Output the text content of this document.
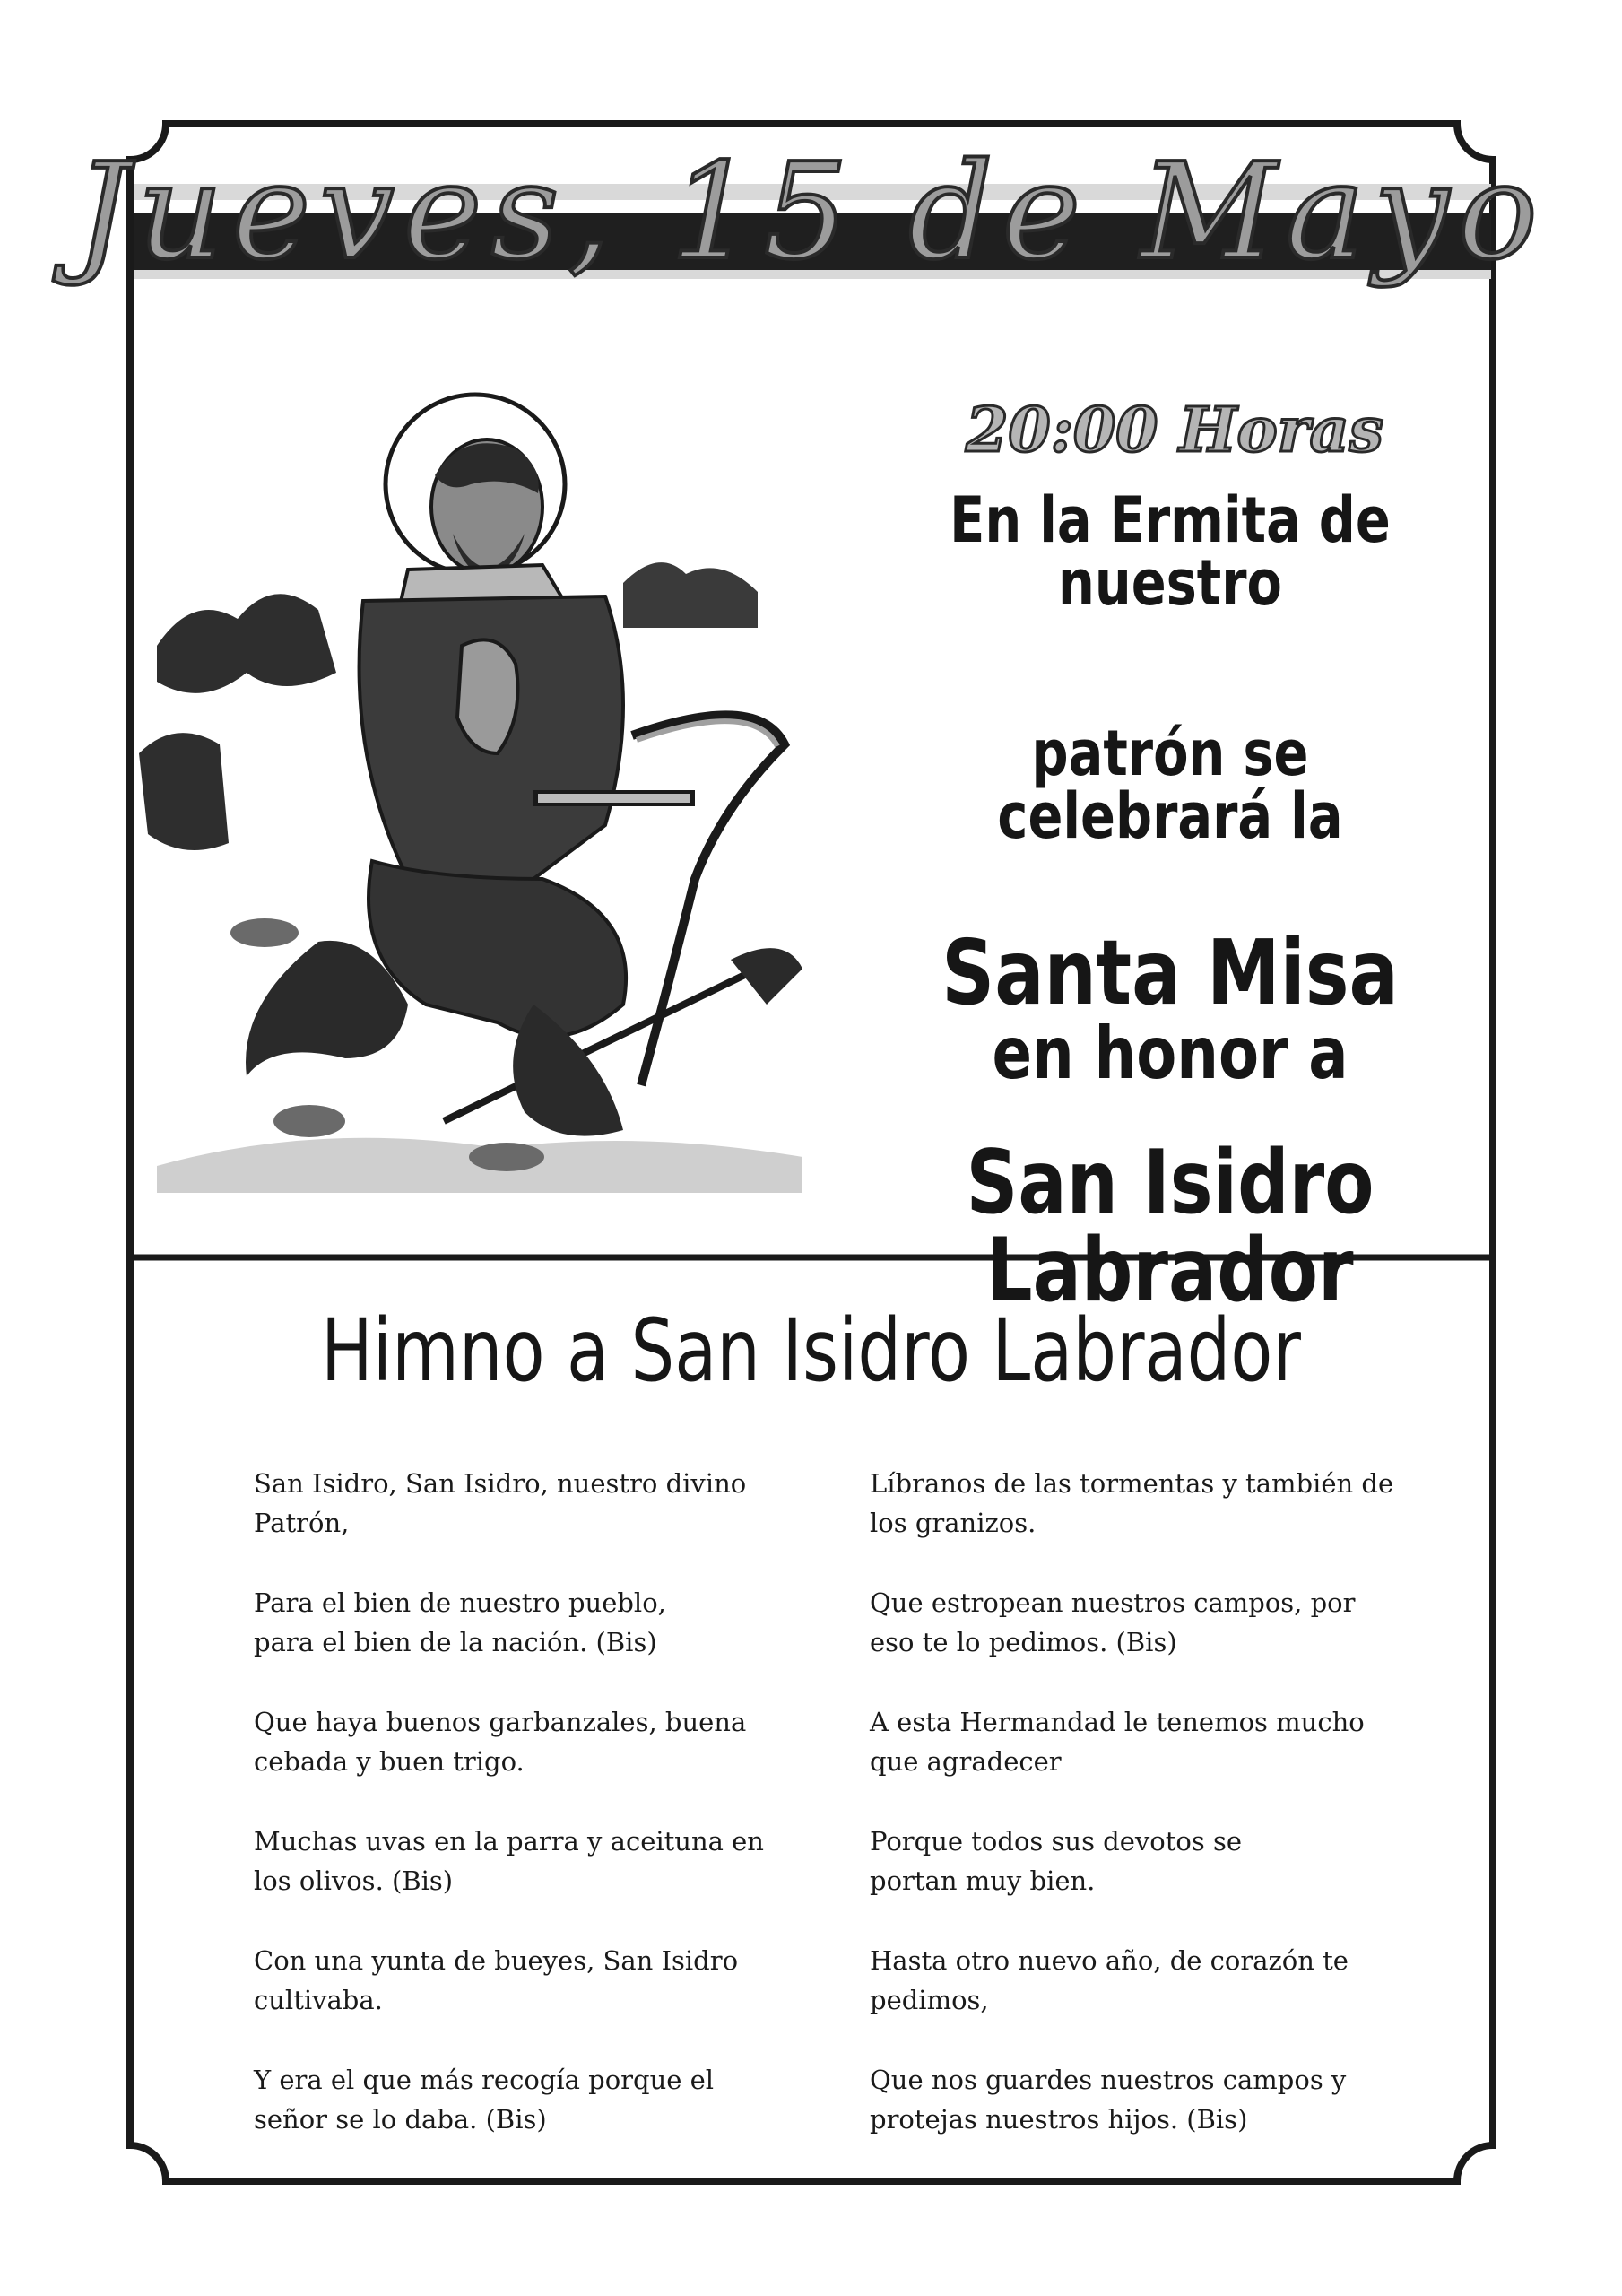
Jueves, 15 de Mayo
20:00 Horas
En la Ermita de nuestro
patrón se celebrará la
Santa Misa en honor a
San Isidro Labrador
Himno a San Isidro Labrador

San Isidro, San Isidro, nuestro divino
Patrón,

Para el bien de nuestro pueblo,
para el bien de la nación. (Bis)

Que haya buenos garbanzales, buena
cebada y buen trigo.

Muchas uvas en la parra y aceituna en
los olivos. (Bis)

Con una yunta de bueyes, San Isidro
cultivaba.

Y era el que más recogía porque el
señor se lo daba. (Bis)

Líbranos de las tormentas y también de
los granizos.

Que estropean nuestros campos, por
eso te lo pedimos. (Bis)

A esta Hermandad le tenemos mucho
que agradecer

Porque todos sus devotos se
portan muy bien.

Hasta otro nuevo año, de corazón te
pedimos,

Que nos guardes nuestros campos y
protejas nuestros hijos. (Bis)
